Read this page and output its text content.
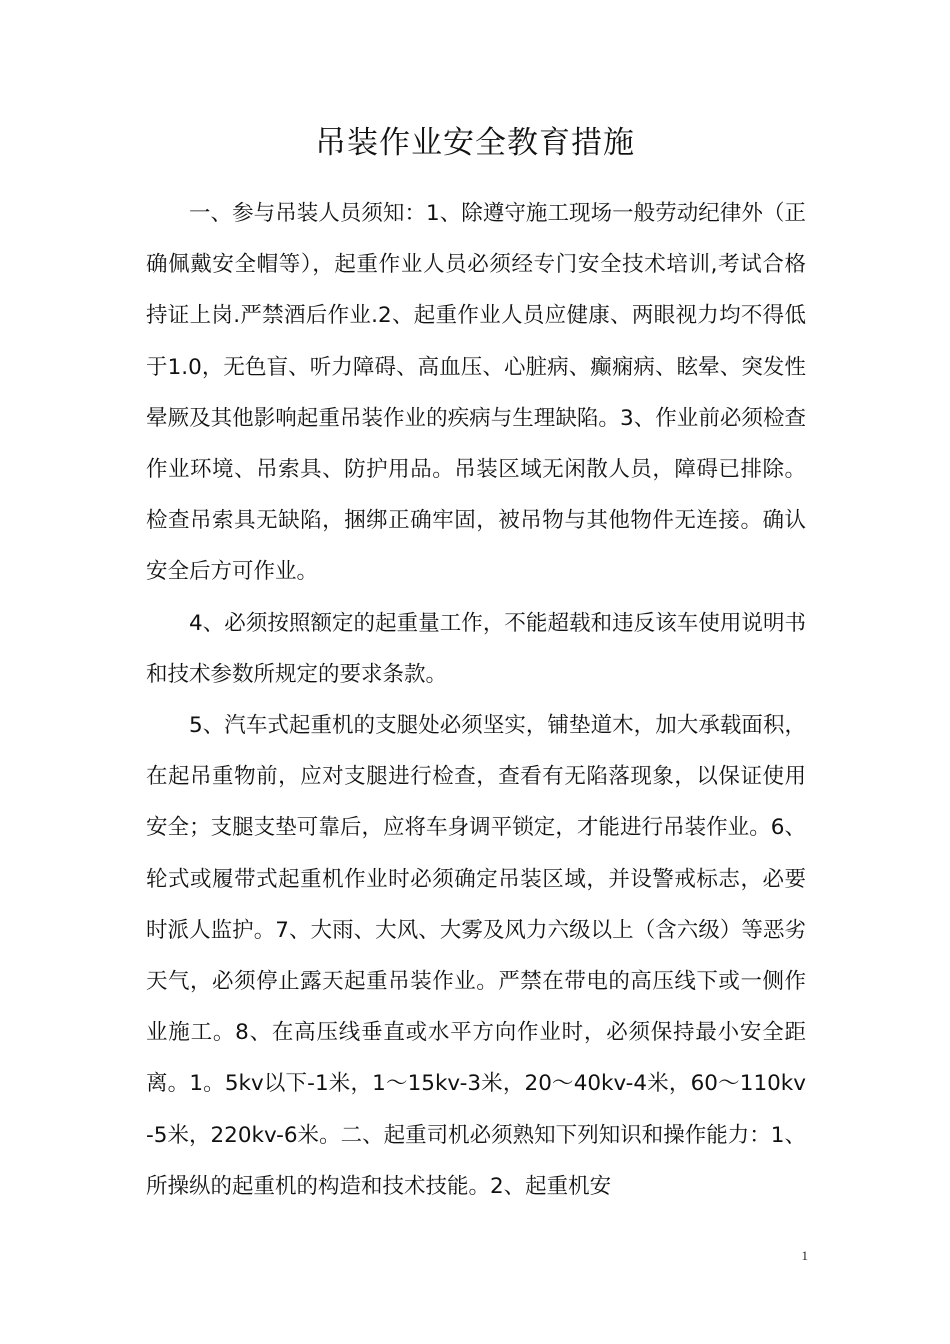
吊装作业安全教育措施

一、参与吊装人员须知：1、除遵守施工现场一般劳动纪律外（正确佩戴安全帽等），起重作业人员必须经专门安全技术培训,考试合格持证上岗.严禁酒后作业.2、起重作业人员应健康、两眼视力均不得低于1.0，无色盲、听力障碍、高血压、心脏病、癫痫病、眩晕、突发性晕厥及其他影响起重吊装作业的疾病与生理缺陷。3、作业前必须检查作业环境、吊索具、防护用品。吊装区域无闲散人员，障碍已排除。检查吊索具无缺陷，捆绑正确牢固，被吊物与其他物件无连接。确认安全后方可作业。

4、必须按照额定的起重量工作，不能超载和违反该车使用说明书和技术参数所规定的要求条款。

5、汽车式起重机的支腿处必须坚实，铺垫道木，加大承载面积，在起吊重物前，应对支腿进行检查，查看有无陷落现象，以保证使用安全；支腿支垫可靠后，应将车身调平锁定，才能进行吊装作业。6、轮式或履带式起重机作业时必须确定吊装区域，并设警戒标志，必要时派人监护。7、大雨、大风、大雾及风力六级以上（含六级）等恶劣天气，必须停止露天起重吊装作业。严禁在带电的高压线下或一侧作业施工。8、在高压线垂直或水平方向作业时，必须保持最小安全距离。1。5kv以下-1米，1～15kv-3米，20～40kv-4米，60～110kv-5米，220kv-6米。二、起重司机必须熟知下列知识和操作能力：1、所操纵的起重机的构造和技术技能。2、起重机安

1
